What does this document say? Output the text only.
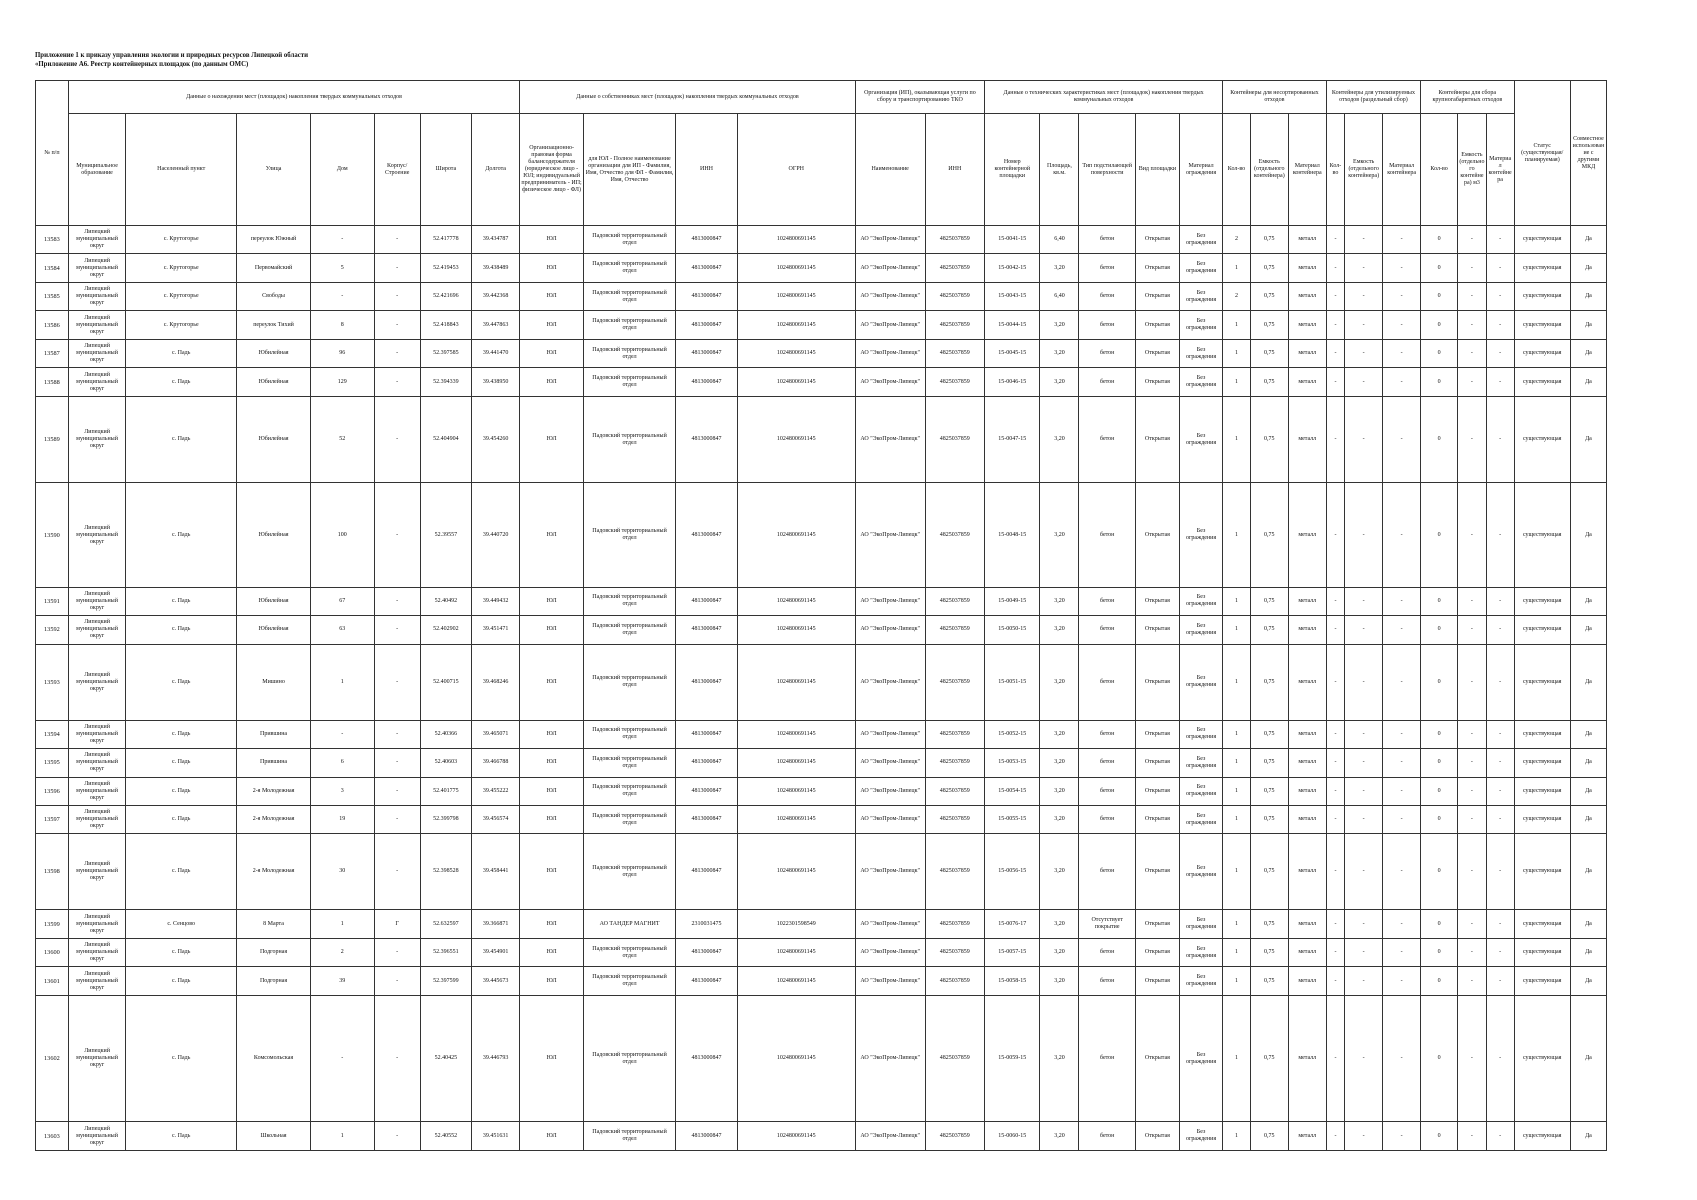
Приложение 1 к приказу управления экологии и природных ресурсов Липецкой области
«Приложение А6. Реестр контейнерных площадок (по данным ОМС)
№ п/п	Данные о нахождении мест (площадок) накопления твердых коммунальных отходов							Данные о собственниках мест (площадок) накопления твердых коммунальных отходов				Организация (ИП), оказывающая услуги по сбору и транспортированию ТКО		Данные о технических характеристиках мест (площадок) накопления твердых коммунальных отходов					Контейнеры для несортированных отходов			Контейнеры для утилизируемых отходов (раздельный сбор)			Контейнеры для сбора крупногабаритных отходов			Статус (существующая/ планируемая)	Совместное использование с другими МКД
	Муниципальное образование	Населенный пункт	Улица	Дом	Корпус/Строение	Широта	Долгота	Организационно-правовая форма балансодержателя (юридическое лицо - ЮЛ; индивидуальный предприниматель - ИП; физическое лицо - ФЛ)	для ЮЛ - Полное наименование организации для ИП - Фамилия, Имя, Отчество для ФЛ - Фамилия, Имя, Отчество	ИНН	ОГРН	Наименование	ИНН	Номер контейнерной площадки	Площадь, кв.м.	Тип подстилающей поверхности	Вид площадки	Материал ограждения	Кол-во	Емкость (отдельного контейнера)	Материал контейнера	Кол-во	Емкость (отдельного контейнера)	Материал контейнера	Кол-во	Емкость (отдельного контейнера) м3	Материал контейнера		
13583	Липецкий муниципальный округ	с. Крутогорье	переулок Южный	-	-	52.417778	39.434787	ЮЛ	Падовский территориальный отдел	4813000847	1024800691145	АО "ЭкоПром-Липецк"	4825037859	15-0041-15	6,40	бетон	Открытая	Без ограждения	2	0,75	металл	-	-	-	0	-	-	существующая	Да
13584	Липецкий муниципальный округ	с. Крутогорье	Первомайский	5	-	52.419453	39.438489	ЮЛ	Падовский территориальный отдел	4813000847	1024800691145	АО "ЭкоПром-Липецк"	4825037859	15-0042-15	3,20	бетон	Открытая	Без ограждения	1	0,75	металл	-	-	-	0	-	-	существующая	Да
13585	Липецкий муниципальный округ	с. Крутогорье	Свободы	-	-	52.421696	39.442368	ЮЛ	Падовский территориальный отдел	4813000847	1024800691145	АО "ЭкоПром-Липецк"	4825037859	15-0043-15	6,40	бетон	Открытая	Без ограждения	2	0,75	металл	-	-	-	0	-	-	существующая	Да
13586	Липецкий муниципальный округ	с. Крутогорье	переулок Тихий	8	-	52.418843	39.447863	ЮЛ	Падовский территориальный отдел	4813000847	1024800691145	АО "ЭкоПром-Липецк"	4825037859	15-0044-15	3,20	бетон	Открытая	Без ограждения	1	0,75	металл	-	-	-	0	-	-	существующая	Да
13587	Липецкий муниципальный округ	с. Падь	Юбилейная	96	-	52.397585	39.441470	ЮЛ	Падовский территориальный отдел	4813000847	1024800691145	АО "ЭкоПром-Липецк"	4825037859	15-0045-15	3,20	бетон	Открытая	Без ограждения	1	0,75	металл	-	-	-	0	-	-	существующая	Да
13588	Липецкий муниципальный округ	с. Падь	Юбилейная	129	-	52.394339	39.438950	ЮЛ	Падовский территориальный отдел	4813000847	1024800691145	АО "ЭкоПром-Липецк"	4825037859	15-0046-15	3,20	бетон	Открытая	Без ограждения	1	0,75	металл	-	-	-	0	-	-	существующая	Да
13589	Липецкий муниципальный округ	с. Падь	Юбилейная	52	-	52.404904	39.454260	ЮЛ	Падовский территориальный отдел	4813000847	1024800691145	АО "ЭкоПром-Липецк"	4825037859	15-0047-15	3,20	бетон	Открытая	Без ограждения	1	0,75	металл	-	-	-	0	-	-	существующая	Да
13590	Липецкий муниципальный округ	с. Падь	Юбилейная	100	-	52.39557	39.440720	ЮЛ	Падовский территориальный отдел	4813000847	1024800691145	АО "ЭкоПром-Липецк"	4825037859	15-0048-15	3,20	бетон	Открытая	Без ограждения	1	0,75	металл	-	-	-	0	-	-	существующая	Да
13591	Липецкий муниципальный округ	с. Падь	Юбилейная	67	-	52.40492	39.449432	ЮЛ	Падовский территориальный отдел	4813000847	1024800691145	АО "ЭкоПром-Липецк"	4825037859	15-0049-15	3,20	бетон	Открытая	Без ограждения	1	0,75	металл	-	-	-	0	-	-	существующая	Да
13592	Липецкий муниципальный округ	с. Падь	Юбилейная	63	-	52.402902	39.451471	ЮЛ	Падовский территориальный отдел	4813000847	1024800691145	АО "ЭкоПром-Липецк"	4825037859	15-0050-15	3,20	бетон	Открытая	Без ограждения	1	0,75	металл	-	-	-	0	-	-	существующая	Да
13593	Липецкий муниципальный округ	с. Падь	Мишино	1	-	52.400715	39.468246	ЮЛ	Падовский территориальный отдел	4813000847	1024800691145	АО "ЭкоПром-Липецк"	4825037859	15-0051-15	3,20	бетон	Открытая	Без ограждения	1	0,75	металл	-	-	-	0	-	-	существующая	Да
13594	Липецкий муниципальный округ	с. Падь	Прившина	-	-	52.40366	39.465071	ЮЛ	Падовский территориальный отдел	4813000847	1024800691145	АО "ЭкоПром-Липецк"	4825037859	15-0052-15	3,20	бетон	Открытая	Без ограждения	1	0,75	металл	-	-	-	0	-	-	существующая	Да
13595	Липецкий муниципальный округ	с. Падь	Прившина	6	-	52.40603	39.466788	ЮЛ	Падовский территориальный отдел	4813000847	1024800691145	АО "ЭкоПром-Липецк"	4825037859	15-0053-15	3,20	бетон	Открытая	Без ограждения	1	0,75	металл	-	-	-	0	-	-	существующая	Да
13596	Липецкий муниципальный округ	с. Падь	2-я Молодежная	3	-	52.401775	39.455222	ЮЛ	Падовский территориальный отдел	4813000847	1024800691145	АО "ЭкоПром-Липецк"	4825037859	15-0054-15	3,20	бетон	Открытая	Без ограждения	1	0,75	металл	-	-	-	0	-	-	существующая	Да
13597	Липецкий муниципальный округ	с. Падь	2-я Молодежная	19	-	52.399798	39.456574	ЮЛ	Падовский территориальный отдел	4813000847	1024800691145	АО "ЭкоПром-Липецк"	4825037859	15-0055-15	3,20	бетон	Открытая	Без ограждения	1	0,75	металл	-	-	-	0	-	-	существующая	Да
13598	Липецкий муниципальный округ	с. Падь	2-я Молодежная	30	-	52.398528	39.458441	ЮЛ	Падовский территориальный отдел	4813000847	1024800691145	АО "ЭкоПром-Липецк"	4825037859	15-0056-15	3,20	бетон	Открытая	Без ограждения	1	0,75	металл	-	-	-	0	-	-	существующая	Да
13599	Липецкий муниципальный округ	с. Сенцово	8 Марта	1	Г	52.632597	39.366871	ЮЛ	АО ТАНДЕР МАГНИТ	2310031475	1022301598549	АО "ЭкоПром-Липецк"	4825037859	15-0076-17	3,20	Отсутствует покрытие	Открытая	Без ограждения	1	0,75	металл	-	-	-	0	-	-	существующая	Да
13600	Липецкий муниципальный округ	с. Падь	Подгорная	2	-	52.396551	39.454901	ЮЛ	Падовский территориальный отдел	4813000847	1024800691145	АО "ЭкоПром-Липецк"	4825037859	15-0057-15	3,20	бетон	Открытая	Без ограждения	1	0,75	металл	-	-	-	0	-	-	существующая	Да
13601	Липецкий муниципальный округ	с. Падь	Подгорная	39	-	52.397599	39.445673	ЮЛ	Падовский территориальный отдел	4813000847	1024800691145	АО "ЭкоПром-Липецк"	4825037859	15-0058-15	3,20	бетон	Открытая	Без ограждения	1	0,75	металл	-	-	-	0	-	-	существующая	Да
13602	Липецкий муниципальный округ	с. Падь	Комсомольская	-	-	52.40425	39.446793	ЮЛ	Падовский территориальный отдел	4813000847	1024800691145	АО "ЭкоПром-Липецк"	4825037859	15-0059-15	3,20	бетон	Открытая	Без ограждения	1	0,75	металл	-	-	-	0	-	-	существующая	Да
13603	Липецкий муниципальный округ	с. Падь	Школьная	1	-	52.40552	39.451631	ЮЛ	Падовский территориальный отдел	4813000847	1024800691145	АО "ЭкоПром-Липецк"	4825037859	15-0060-15	3,20	бетон	Открытая	Без ограждения	1	0,75	металл	-	-	-	0	-	-	существующая	Да
